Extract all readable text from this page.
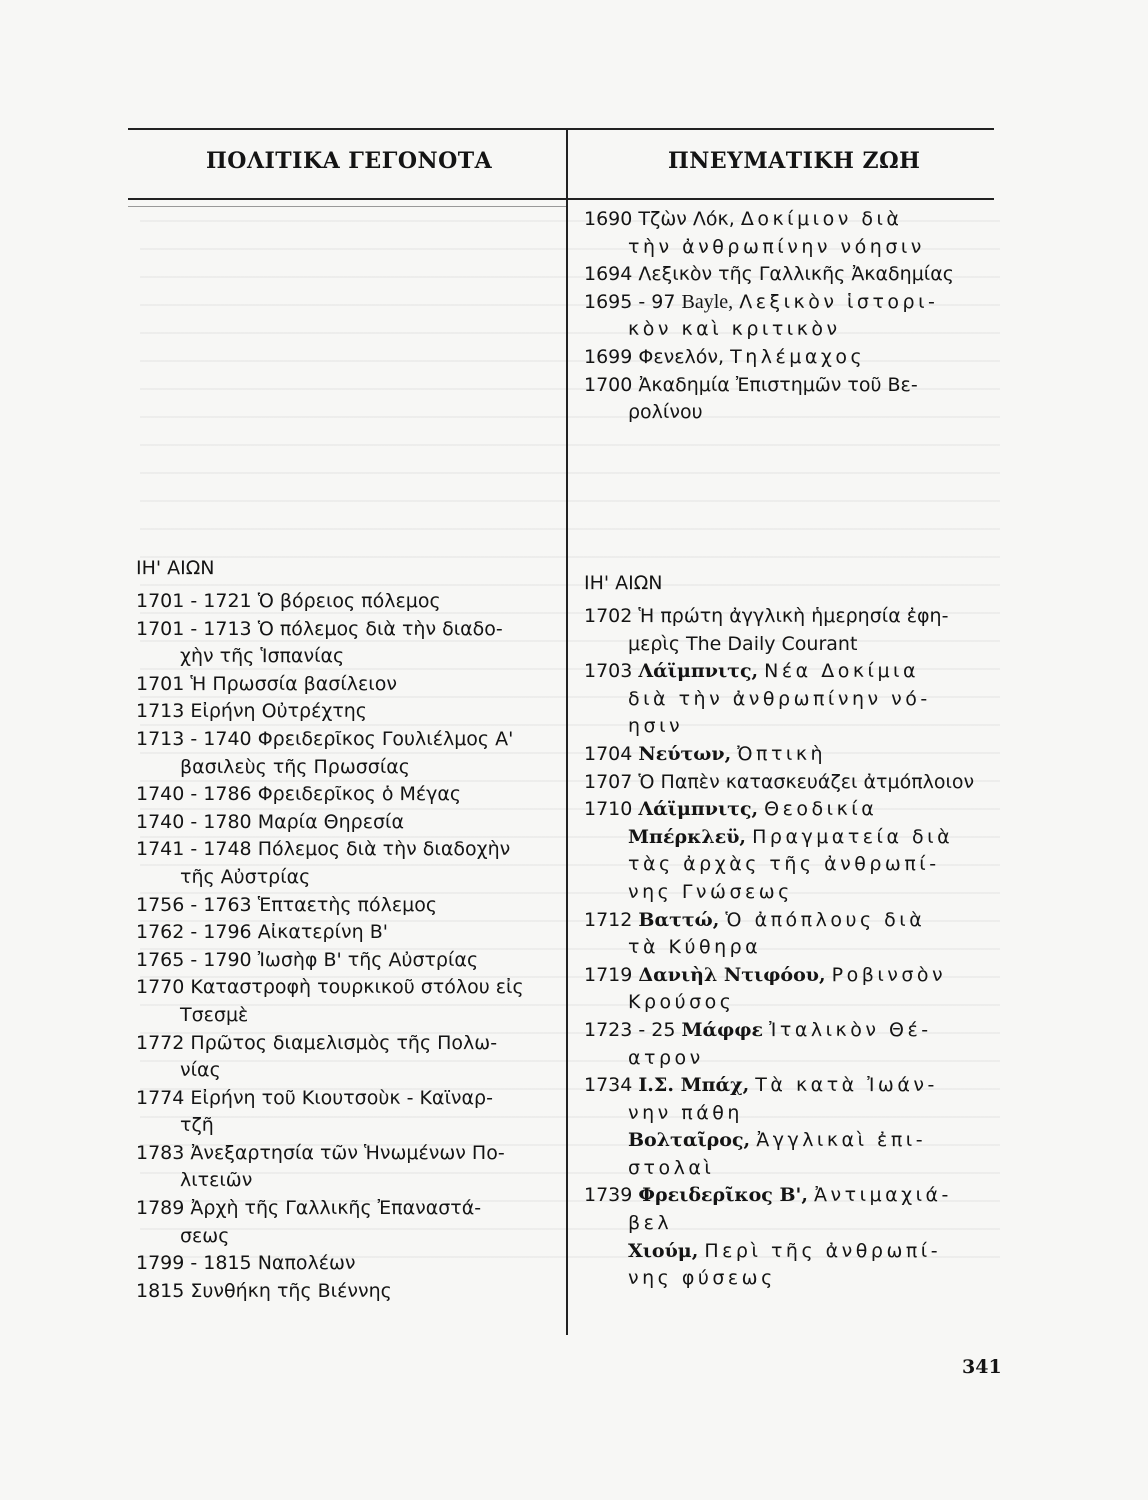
ΠΟΛΙΤΙΚΑ ΓΕΓΟΝΟΤΑ	ΠΝΕΥΜΑΤΙΚΗ ΖΩΗ
1690 Τζὼν Λόκ, Δοκίμιον διὰ
τὴν ἀνθρωπίνην νόησιν
1694 Λεξικὸν τῆς Γαλλικῆς Ἀκαδημίας
1695 - 97 Bayle, Λεξικὸν ἱστορι-
κὸν καὶ κριτικὸν
1699 Φενελόν, Τηλέμαχος
1700 Ἀκαδημία Ἐπιστημῶν τοῦ Βε-
ρολίνου
ΙΗ' ΑΙΩΝ
1701 - 1721 Ὁ βόρειος πόλεμος
1701 - 1713 Ὁ πόλεμος διὰ τὴν διαδο-
χὴν τῆς Ἱσπανίας
1701 Ἡ Πρωσσία βασίλειον
1713 Εἰρήνη Οὐτρέχτης
1713 - 1740 Φρειδερῖκος Γουλιέλμος Α'
βασιλεὺς τῆς Πρωσσίας
1740 - 1786 Φρειδερῖκος ὁ Μέγας
1740 - 1780 Μαρία Θηρεσία
1741 - 1748 Πόλεμος διὰ τὴν διαδοχὴν
τῆς Αὐστρίας
1756 - 1763 Ἑπταετὴς πόλεμος
1762 - 1796 Αἰκατερίνη Β'
1765 - 1790 Ἰωσὴφ Β' τῆς Αὐστρίας
1770 Καταστροφὴ τουρκικοῦ στόλου εἰς
Τσεσμὲ
1772 Πρῶτος διαμελισμὸς τῆς Πολω-
νίας
1774 Εἰρήνη τοῦ Κιουτσοὺκ - Καϊναρ-
τζῆ
1783 Ἀνεξαρτησία τῶν Ἡνωμένων Πο-
λιτειῶν
1789 Ἀρχὴ τῆς Γαλλικῆς Ἐπαναστά-
σεως
1799 - 1815 Ναπολέων
1815 Συνθήκη τῆς Βιέννης
ΙΗ' ΑΙΩΝ
1702 Ἡ πρώτη ἀγγλικὴ ἡμερησία ἐφη-
μερὶς The Daily Courant
1703 Λάϊμπνιτς, Νέα Δοκίμια
διὰ τὴν ἀνθρωπίνην νό-
ησιν
1704 Νεύτων, Ὀπτικὴ
1707 Ὁ Παπὲν κατασκευάζει ἀτμόπλοιον
1710 Λάϊμπνιτς, Θεοδικία
Μπέρκλεϋ, Πραγματεία διὰ
τὰς ἀρχὰς τῆς ἀνθρωπί-
νης Γνώσεως
1712 Βαττώ, Ὁ ἀπόπλους διὰ
τὰ Κύθηρα
1719 Δανιὴλ Ντιφόου, Ροβινσὸν
Κρούσος
1723 - 25 Μάφφε Ἰταλικὸν Θέ-
ατρον
1734 Ι.Σ. Μπάχ, Τὰ κατὰ Ἰωάν-
νην πάθη
Βολταῖρος, Ἀγγλικαὶ ἐπι-
στολαὶ
1739 Φρειδερῖκος Β', Ἀντιμαχιά-
βελ
Χιούμ, Περὶ τῆς ἀνθρωπί-
νης φύσεως
341
